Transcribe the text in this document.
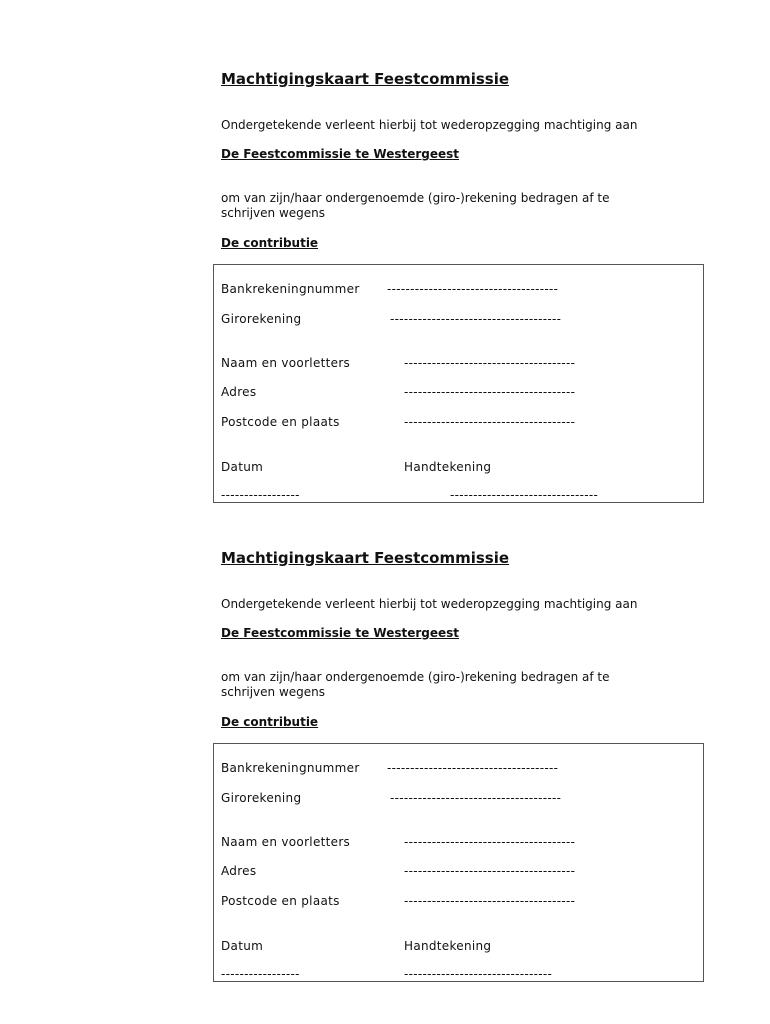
Machtigingskaart Feestcommissie
Ondergetekende verleent hierbij tot wederopzegging machtiging aan
De Feestcommissie te Westergeest
om van zijn/haar ondergenoemde (giro-)rekening bedragen af te
schrijven wegens
De contributie
Bankrekeningnummer -------------------------------------
Girorekening	-------------------------------------
Naam en voorletters	-------------------------------------
Adres	-------------------------------------
Postcode en plaats	-------------------------------------
Datum	Handtekening
-----------------	--------------------------------
Machtigingskaart Feestcommissie
Ondergetekende verleent hierbij tot wederopzegging machtiging aan
De Feestcommissie te Westergeest
om van zijn/haar ondergenoemde (giro-)rekening bedragen af te
schrijven wegens
De contributie
Bankrekeningnummer -------------------------------------
Girorekening	-------------------------------------
Naam en voorletters	-------------------------------------
Adres	-------------------------------------
Postcode en plaats	-------------------------------------
Datum	Handtekening
-----------------	--------------------------------
